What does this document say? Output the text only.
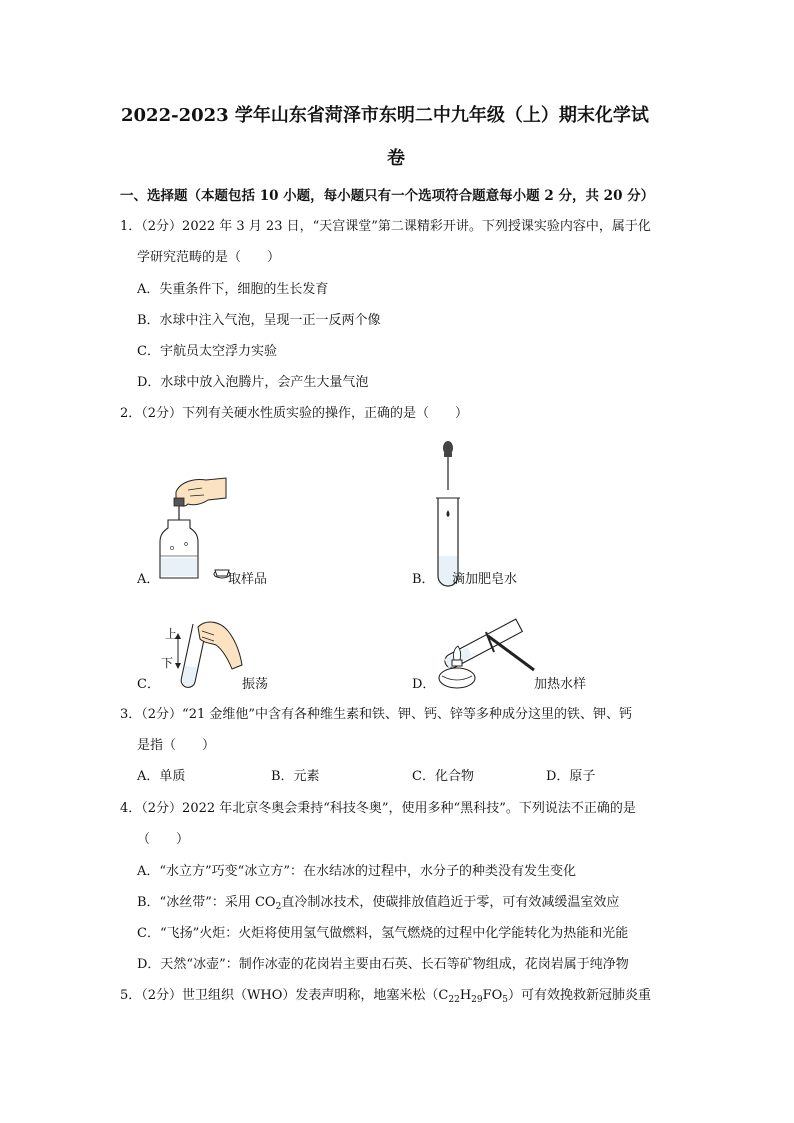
2022-2023 学年山东省菏泽市东明二中九年级（上）期末化学试
卷
一、选择题（本题包括 10 小题，每小题只有一个选项符合题意每小题 2 分，共 20 分）
1．（2分）2022 年 3 月 23 日，“天宫课堂”第二课精彩开讲。下列授课实验内容中，属于化
学研究范畴的是（　　）
A．失重条件下，细胞的生长发育
B．水球中注入气泡，呈现一正一反两个像
C．宇航员太空浮力实验
D．水球中放入泡腾片，会产生大量气泡
2．（2分）下列有关硬水性质实验的操作，正确的是（　　）
A．	取样品	B． 滴加肥皂水
上
下
C．	振荡	D．	加热水样
3．（2分）“21 金维他”中含有各种维生素和铁、钾、钙、锌等多种成分这里的铁、钾、钙
是指（　　）
A．单质	B．元素	C．化合物	D．原子
4．（2分）2022 年北京冬奥会秉持“科技冬奥”，使用多种“黑科技”。下列说法不正确的是
（　　）
A．“水立方”巧变“冰立方”：在水结冰的过程中，水分子的种类没有发生变化
B．“冰丝带”：采用 $CO_2$直冷制冰技术，使碳排放值趋近于零，可有效减缓温室效应
C．“飞扬”火炬：火炬将使用氢气做燃料，氢气燃烧的过程中化学能转化为热能和光能
D．天然“冰壶”：制作冰壶的花岗岩主要由石英、长石等矿物组成，花岗岩属于纯净物
5．（2分）世卫组织（WHO）发表声明称，地塞米松$(C_{22}H_{29}FO_5)$可有效挽救新冠肺炎重
